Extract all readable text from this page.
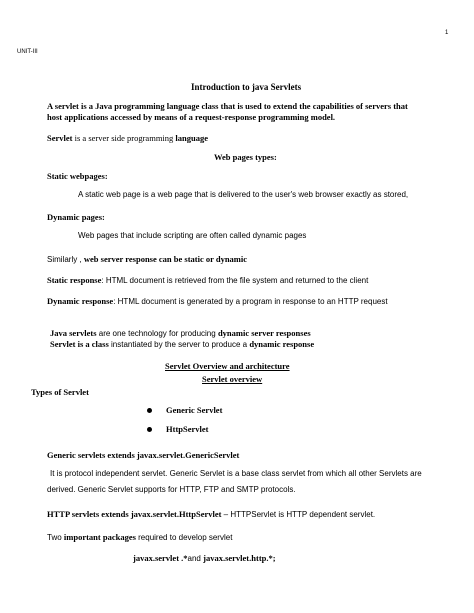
1
UNIT-III
Introduction to java Servlets
A servlet is a Java programming language class that is used to extend the capabilities of servers that
host applications accessed by means of a request-response programming model.
Servlet is a server side programming language
Web pages types:
Static webpages:
A static web page is a web page that is delivered to the user's web browser exactly as stored,
Dynamic pages:
Web pages that include scripting are often called dynamic pages
Similarly , web server response can be static or dynamic
Static response: HTML document is retrieved from the file system and returned to the client
Dynamic response: HTML document is generated by a program in response to an HTTP request
Java servlets are one technology for producing dynamic server responses
Servlet is a class instantiated by the server to produce a dynamic response
Servlet Overview and architecture
Servlet overview
Types of Servlet
Generic Servlet
HttpServlet
Generic servlets extends javax.servlet.GenericServlet
It is protocol independent servlet. Generic Servlet is a base class servlet from which all other Servlets are
derived. Generic Servlet supports for HTTP, FTP and SMTP protocols.
HTTP servlets extends javax.servlet.HttpServlet – HTTPServlet is HTTP dependent servlet.
Two important packages required to develop servlet
javax.servlet .*and javax.servlet.http.*;
